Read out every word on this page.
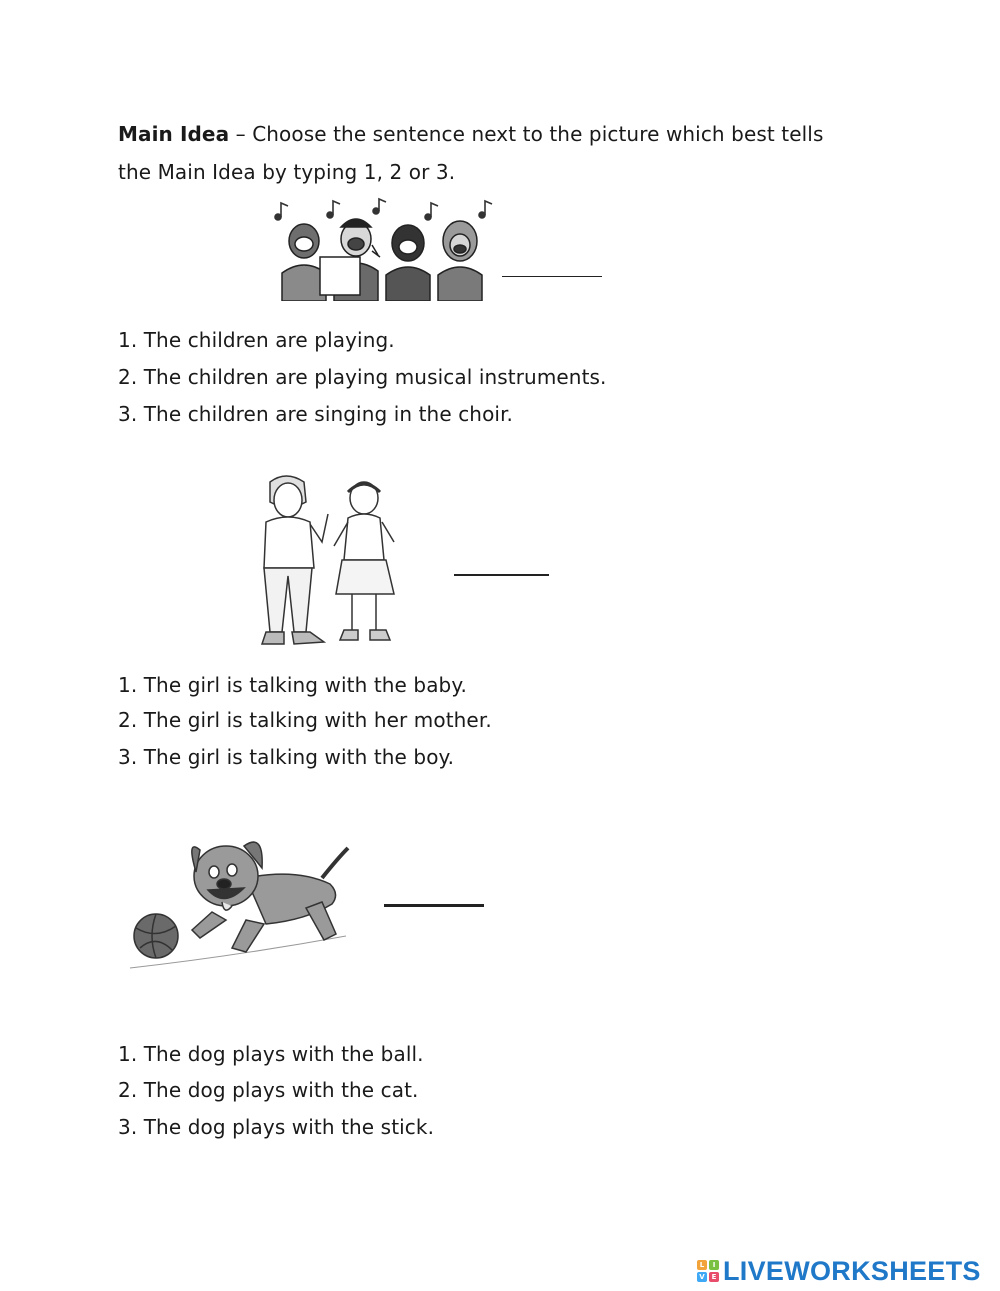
Main Idea – Choose the sentence next to the picture which best tells
the Main Idea by typing 1, 2 or 3.
1. The children are playing.
2. The children are playing musical instruments.
3. The children are singing in the choir.
1. The girl is talking with the baby.
2. The girl is talking with her mother.
3. The girl is talking with the boy.
1. The dog plays with the ball.
2. The dog plays with the cat.
3. The dog plays with the stick.
L	I
V E LIVEWORKSHEETS
